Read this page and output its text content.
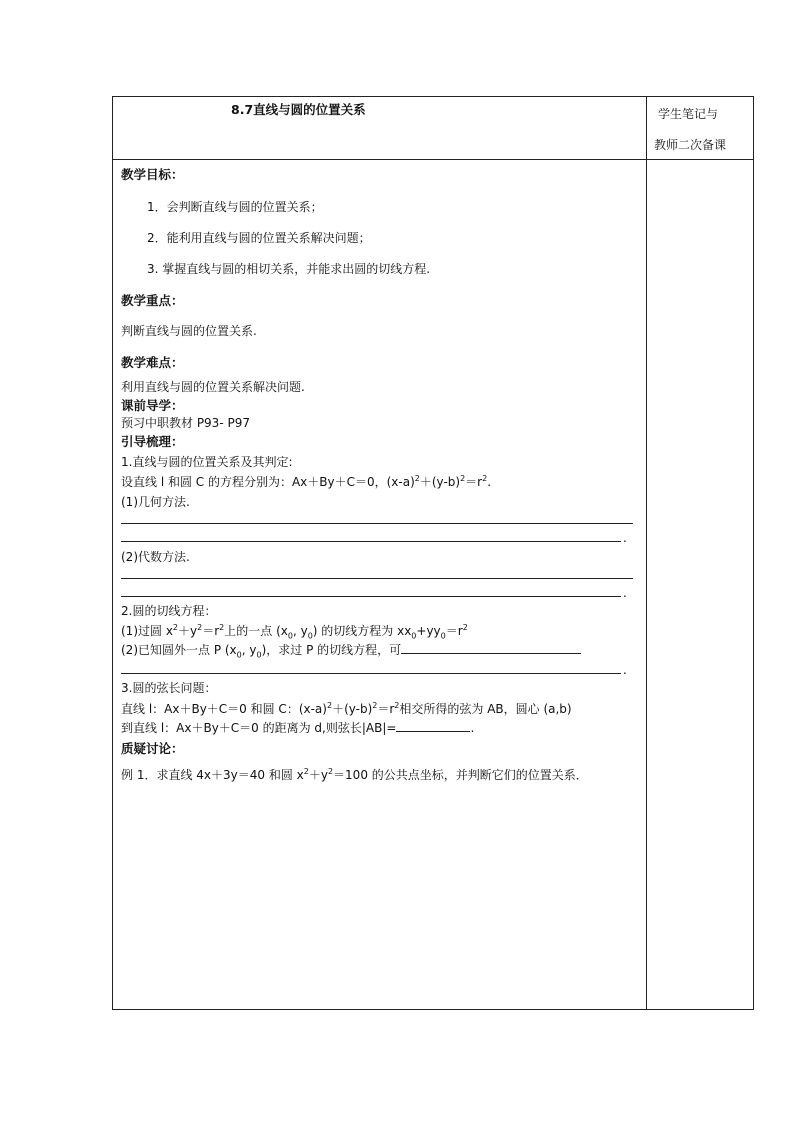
8.7直线与圆的位置关系	学生笔记与
教师二次备课
教学目标：
1．会判断直线与圆的位置关系；
2．能利用直线与圆的位置关系解决问题；
3. 掌握直线与圆的相切关系，并能求出圆的切线方程.
教学重点：
判断直线与圆的位置关系.
教学难点：
利用直线与圆的位置关系解决问题.
课前导学：
预习中职教材 P93- P97
引导梳理：
1.直线与圆的位置关系及其判定:
设直线 l 和圆 C 的方程分别为：Ax＋By＋C＝0，$(x-a)^2+(y-b)^2=r^2$.
(1)几何方法.
.
(2)代数方法.
.
2.圆的切线方程：
(1)过圆 $x^2+y^2=r^2$上的一点 ($x_0$, $y_0$) 的切线方程为 $xx_0+yy_0=r^2$
(2)已知圆外一点 P ($x_0$, $y_0$)，求过 P 的切线方程，可
.
3.圆的弦长问题：
直线 l：Ax＋By＋C＝0 和圆 C：$(x-a)^2+(y-b)^2=r^2$相交所得的弦为 AB，圆心 (a,b)
到直线 l：Ax＋By＋C＝0 的距离为 d,则弦长|AB|=	.
质疑讨论：
例 1．求直线 4x＋3y＝40 和圆 $x^2+y^2=100$ 的公共点坐标，并判断它们的位置关系．
